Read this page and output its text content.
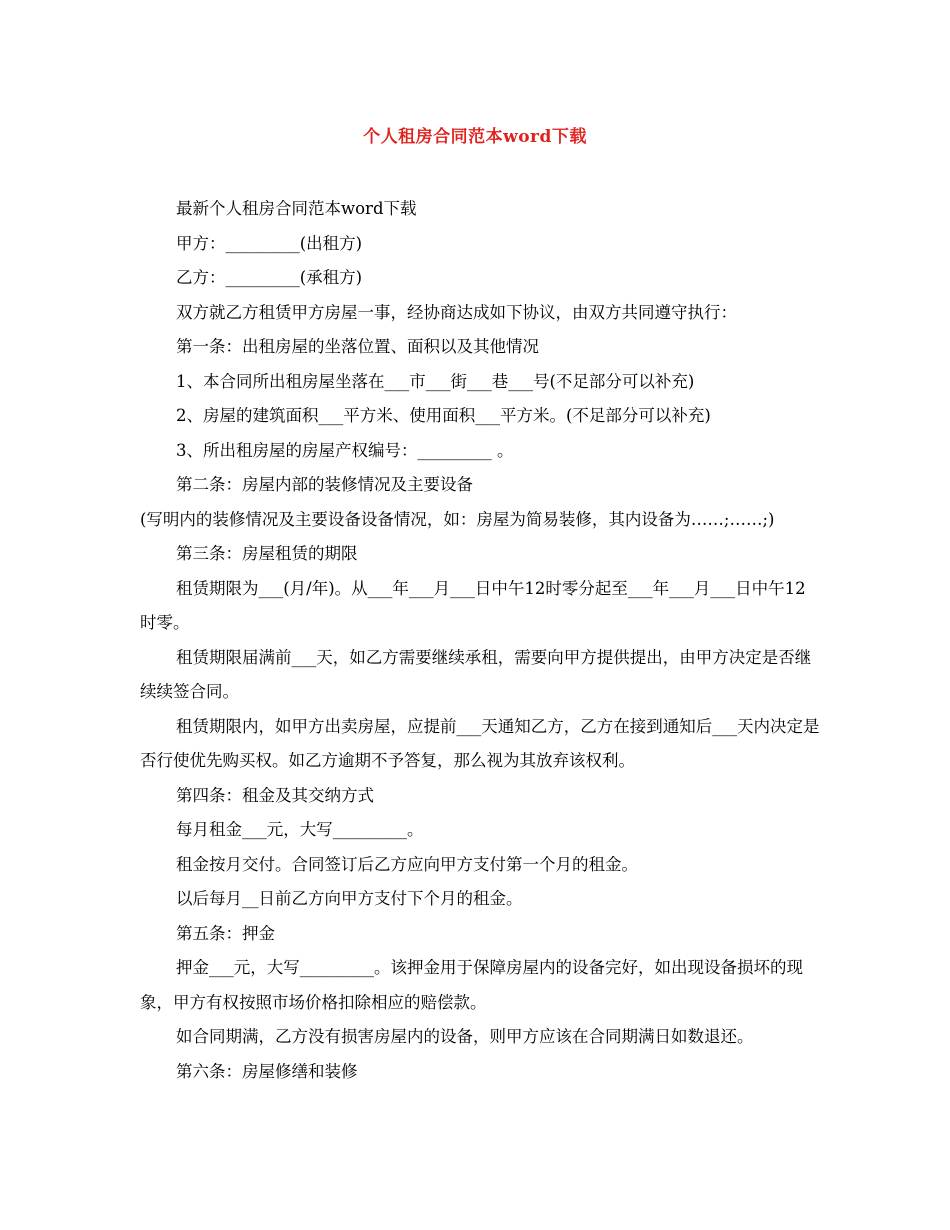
个人租房合同范本word下载

最新个人租房合同范本word下载

甲方：_________(出租方)

乙方：_________(承租方)

双方就乙方租赁甲方房屋一事，经协商达成如下协议，由双方共同遵守执行：

第一条：出租房屋的坐落位置、面积以及其他情况

1、本合同所出租房屋坐落在___市___街___巷___号(不足部分可以补充)

2、房屋的建筑面积___平方米、使用面积___平方米。(不足部分可以补充)

3、所出租房屋的房屋产权编号：_________ 。

第二条：房屋内部的装修情况及主要设备

(写明内的装修情况及主要设备设备情况，如：房屋为简易装修，其内设备为……;……;)

第三条：房屋租赁的期限

租赁期限为___(月/年)。从___年___月___日中午12时零分起至___年___月___日中午12时零。

租赁期限届满前___天，如乙方需要继续承租，需要向甲方提供提出，由甲方决定是否继续续签合同。

租赁期限内，如甲方出卖房屋，应提前___天通知乙方，乙方在接到通知后___天内决定是否行使优先购买权。如乙方逾期不予答复，那么视为其放弃该权利。

第四条：租金及其交纳方式

每月租金___元，大写_________。

租金按月交付。合同签订后乙方应向甲方支付第一个月的租金。

以后每月__日前乙方向甲方支付下个月的租金。

第五条：押金

押金___元，大写_________。该押金用于保障房屋内的设备完好，如出现设备损坏的现象，甲方有权按照市场价格扣除相应的赔偿款。

如合同期满，乙方没有损害房屋内的设备，则甲方应该在合同期满日如数退还。

第六条：房屋修缮和装修
